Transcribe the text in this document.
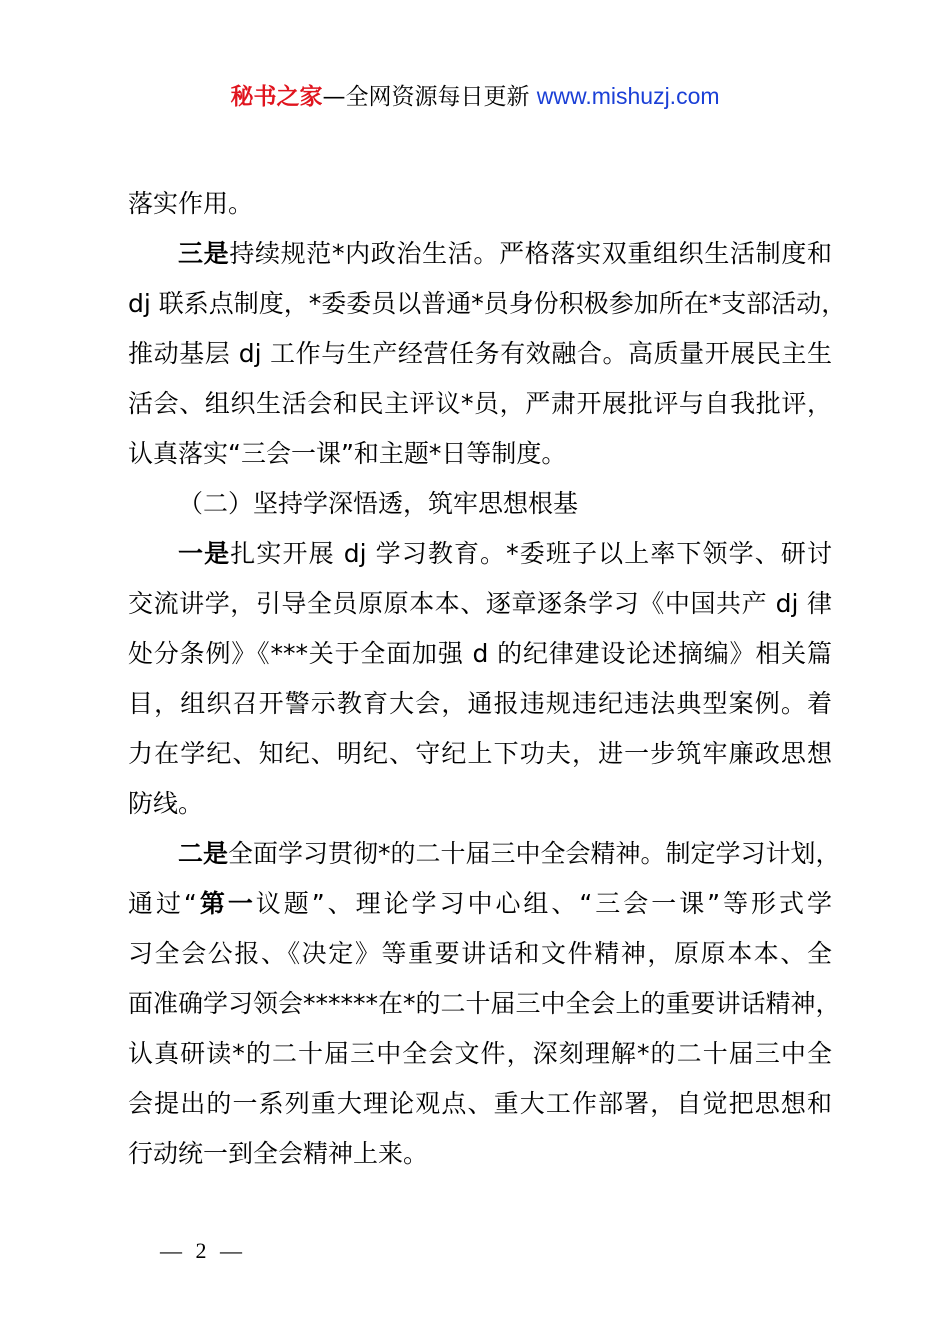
秘书之家—全网资源每日更新 www.mishuzj.com
落实作用。
三是持续规范*内政治生活。严格落实双重组织生活制度和
dj 联系点制度，*委委员以普通*员身份积极参加所在*支部活动，
推动基层 dj 工作与生产经营任务有效融合。高质量开展民主生
活会、组织生活会和民主评议*员，严肃开展批评与自我批评，
认真落实“三会一课”和主题*日等制度。
（二）坚持学深悟透，筑牢思想根基
一是扎实开展 dj 学习教育。*委班子以上率下领学、研讨
交流讲学，引导全员原原本本、逐章逐条学习《中国共产 dj 律
处分条例》《***关于全面加强 d 的纪律建设论述摘编》相关篇
目，组织召开警示教育大会，通报违规违纪违法典型案例。着
力在学纪、知纪、明纪、守纪上下功夫，进一步筑牢廉政思想
防线。
二是全面学习贯彻*的二十届三中全会精神。制定学习计划，
通过“第一议题”、理论学习中心组、“三会一课”等形式学
习全会公报、《决定》等重要讲话和文件精神，原原本本、全
面准确学习领会******在*的二十届三中全会上的重要讲话精神，
认真研读*的二十届三中全会文件，深刻理解*的二十届三中全
会提出的一系列重大理论观点、重大工作部署，自觉把思想和
行动统一到全会精神上来。
— 2 —
